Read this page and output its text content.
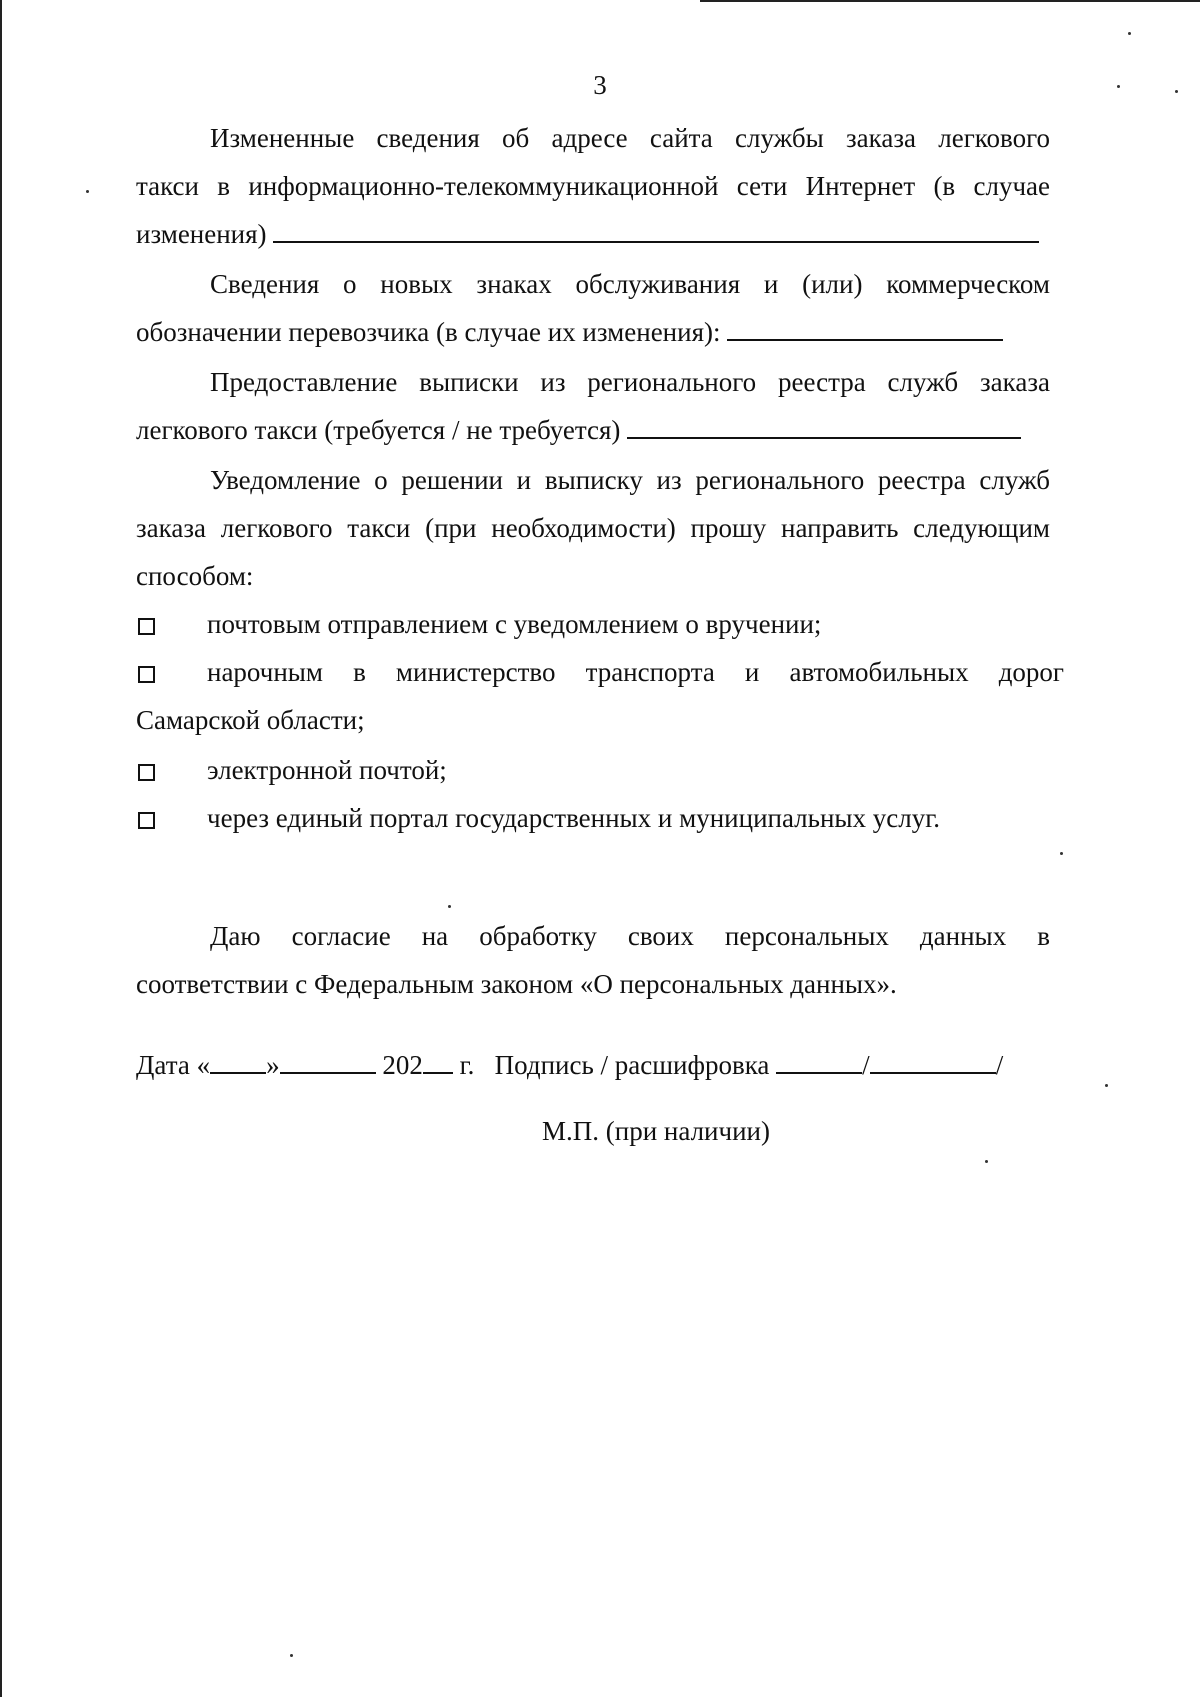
3
Измененные сведения об адресе сайта службы заказа легкового
такси в информационно-телекоммуникационной сети Интернет (в случае
изменения)
Сведения о новых знаках обслуживания и (или) коммерческом
обозначении перевозчика (в случае их изменения):
Предоставление выписки из регионального реестра служб заказа
легкового такси (требуется / не требуется)
Уведомление о решении и выписку из регионального реестра служб
заказа легкового такси (при необходимости) прошу направить следующим
способом:
почтовым отправлением с уведомлением о вручении;
нарочным в министерство транспорта и автомобильных дорог
Самарской области;
электронной почтой;
через единый портал государственных и муниципальных услуг.
Даю согласие на обработку своих персональных данных в
соответствии с Федеральным законом «О персональных данных».
Дата « »	202 г. Подпись / расшифровка	/	/
М.П. (при наличии)
